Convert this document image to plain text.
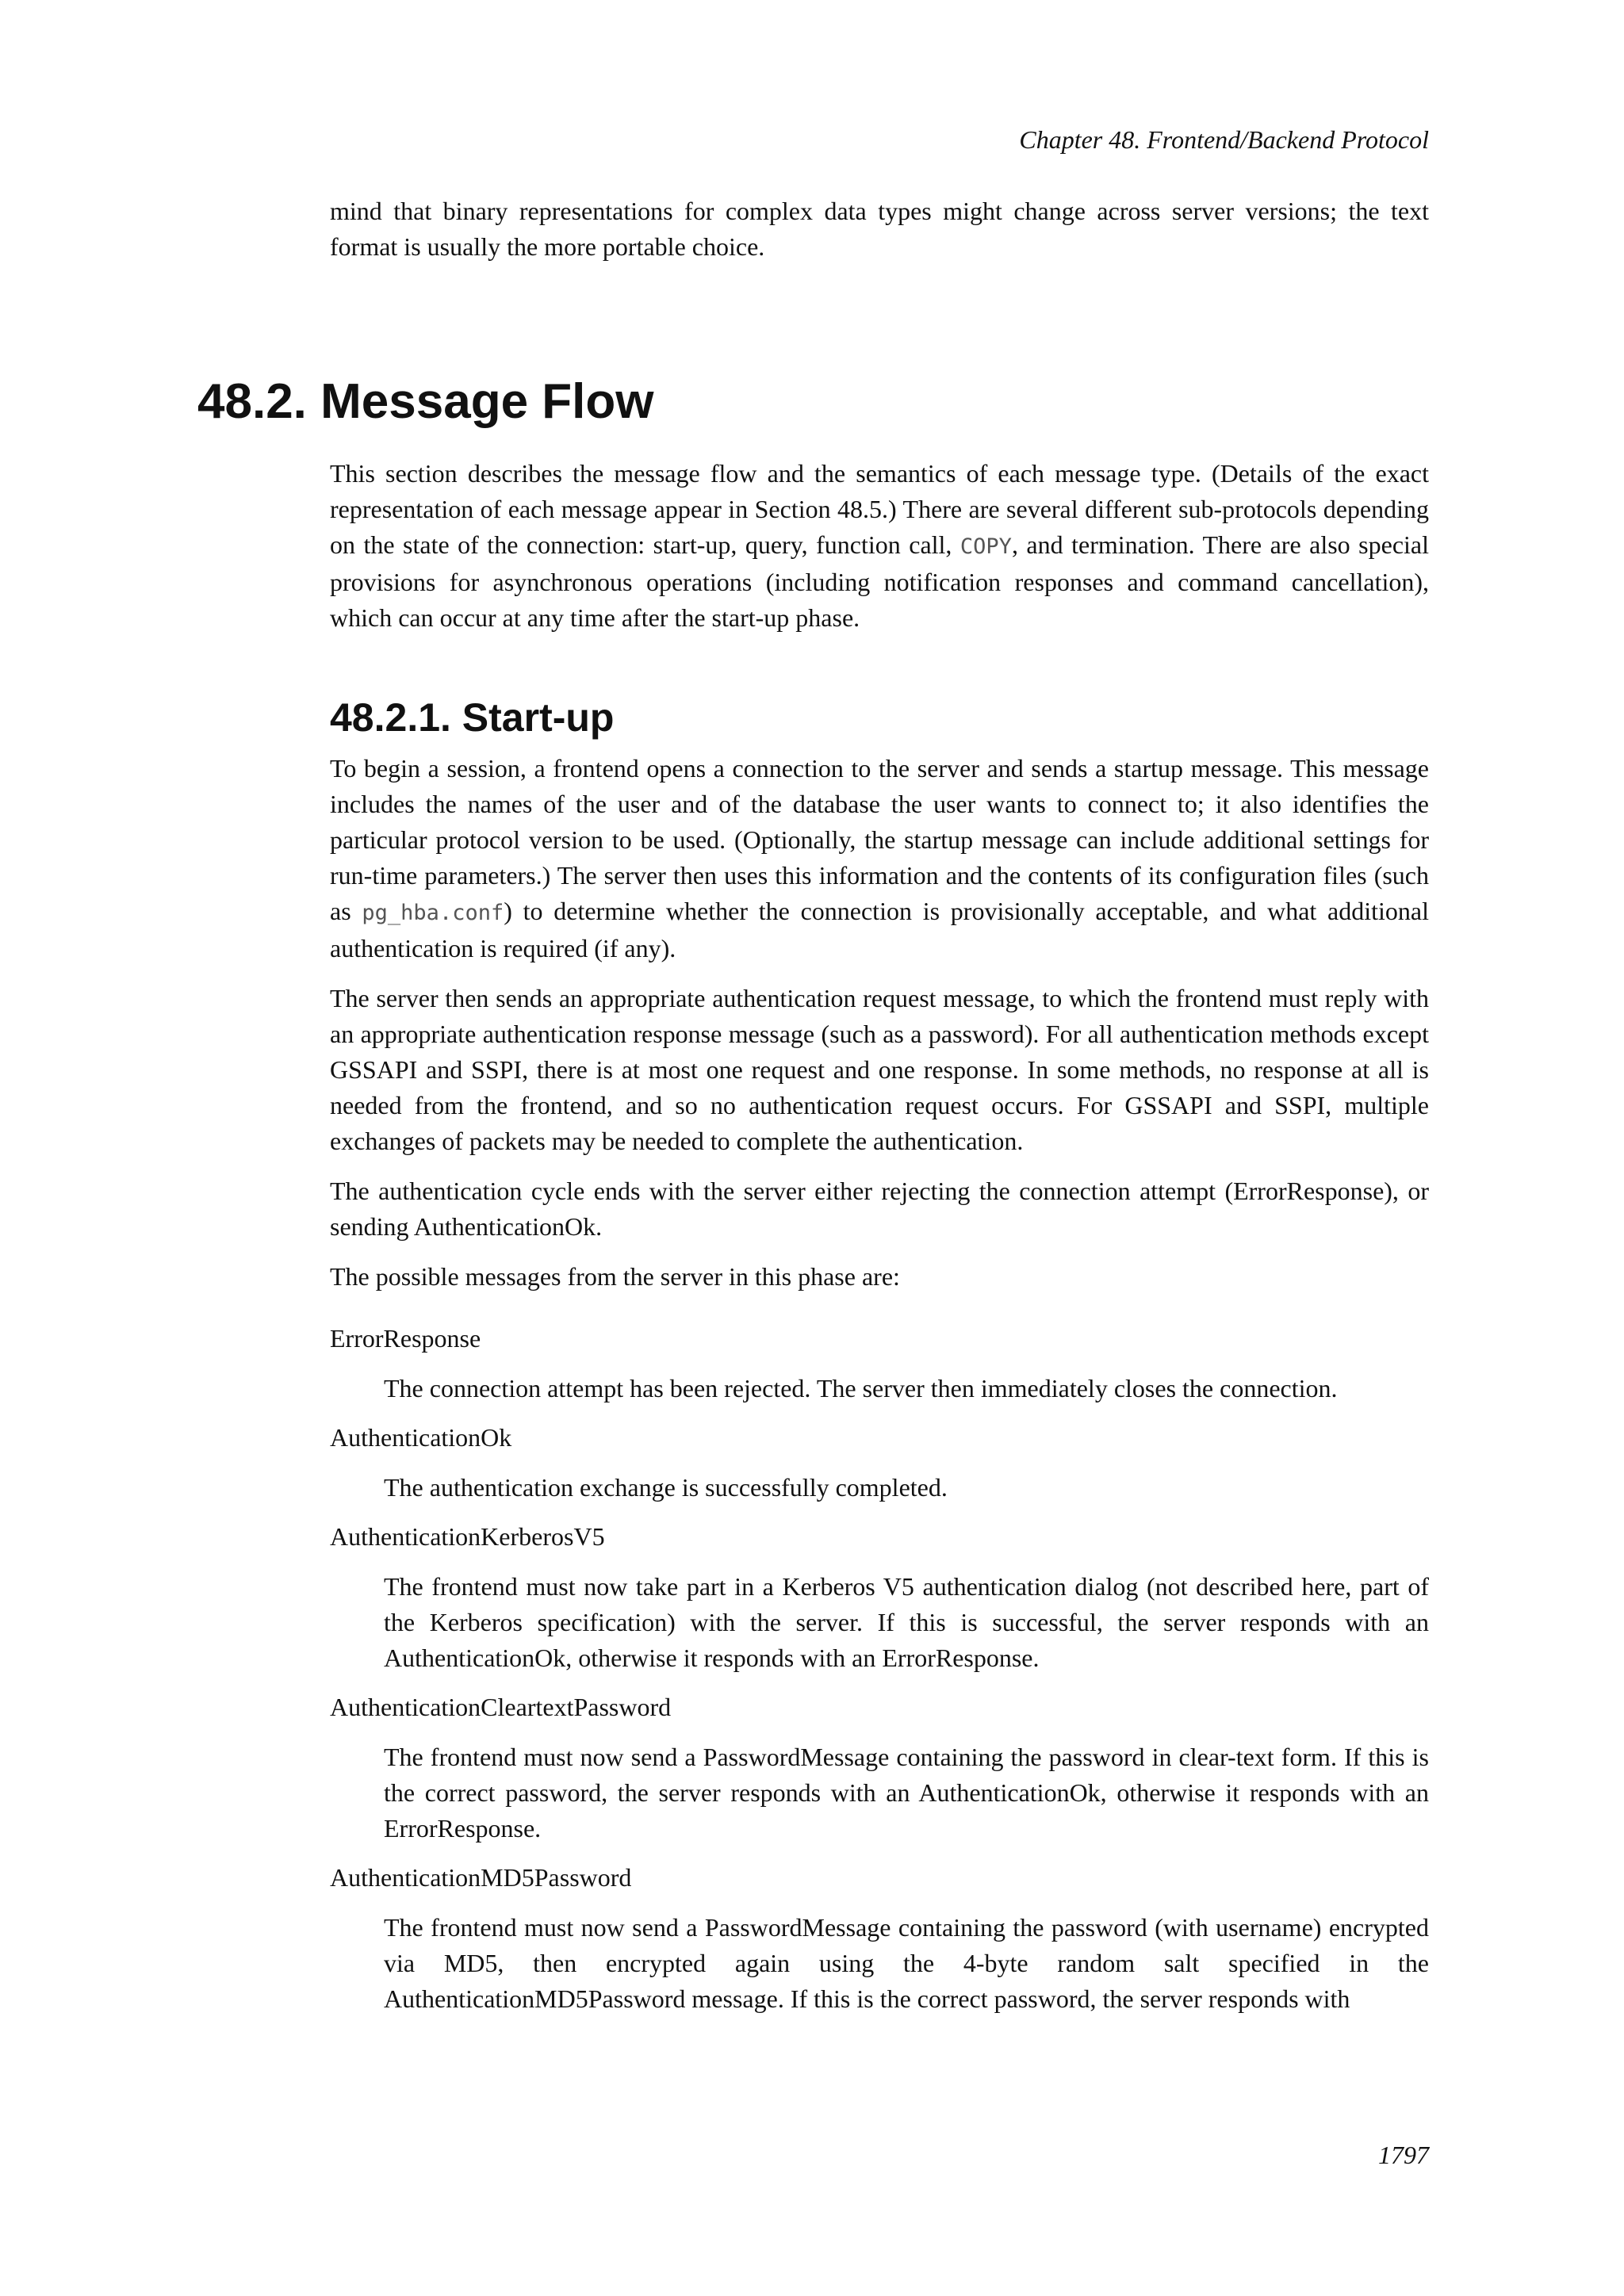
Chapter 48. Frontend/Backend Protocol

mind that binary representations for complex data types might change across server versions; the text format is usually the more portable choice.

48.2. Message Flow

This section describes the message flow and the semantics of each message type. (Details of the exact representation of each message appear in Section 48.5.) There are several different sub-protocols depending on the state of the connection: start-up, query, function call, COPY, and termination. There are also special provisions for asynchronous operations (including notification responses and command cancellation), which can occur at any time after the start-up phase.

48.2.1. Start-up

To begin a session, a frontend opens a connection to the server and sends a startup message. This message includes the names of the user and of the database the user wants to connect to; it also identifies the particular protocol version to be used. (Optionally, the startup message can include additional settings for run-time parameters.) The server then uses this information and the contents of its configuration files (such as pg_hba.conf) to determine whether the connection is provisionally acceptable, and what additional authentication is required (if any).

The server then sends an appropriate authentication request message, to which the frontend must reply with an appropriate authentication response message (such as a password). For all authentication methods except GSSAPI and SSPI, there is at most one request and one response. In some methods, no response at all is needed from the frontend, and so no authentication request occurs. For GSSAPI and SSPI, multiple exchanges of packets may be needed to complete the authentication.

The authentication cycle ends with the server either rejecting the connection attempt (ErrorResponse), or sending AuthenticationOk.

The possible messages from the server in this phase are:

ErrorResponse

The connection attempt has been rejected. The server then immediately closes the connection.

AuthenticationOk

The authentication exchange is successfully completed.

AuthenticationKerberosV5

The frontend must now take part in a Kerberos V5 authentication dialog (not described here, part of the Kerberos specification) with the server. If this is successful, the server responds with an AuthenticationOk, otherwise it responds with an ErrorResponse.

AuthenticationCleartextPassword

The frontend must now send a PasswordMessage containing the password in clear-text form. If this is the correct password, the server responds with an AuthenticationOk, otherwise it responds with an ErrorResponse.

AuthenticationMD5Password

The frontend must now send a PasswordMessage containing the password (with username) encrypted via MD5, then encrypted again using the 4-byte random salt specified in the AuthenticationMD5Password message. If this is the correct password, the server responds with

1797
